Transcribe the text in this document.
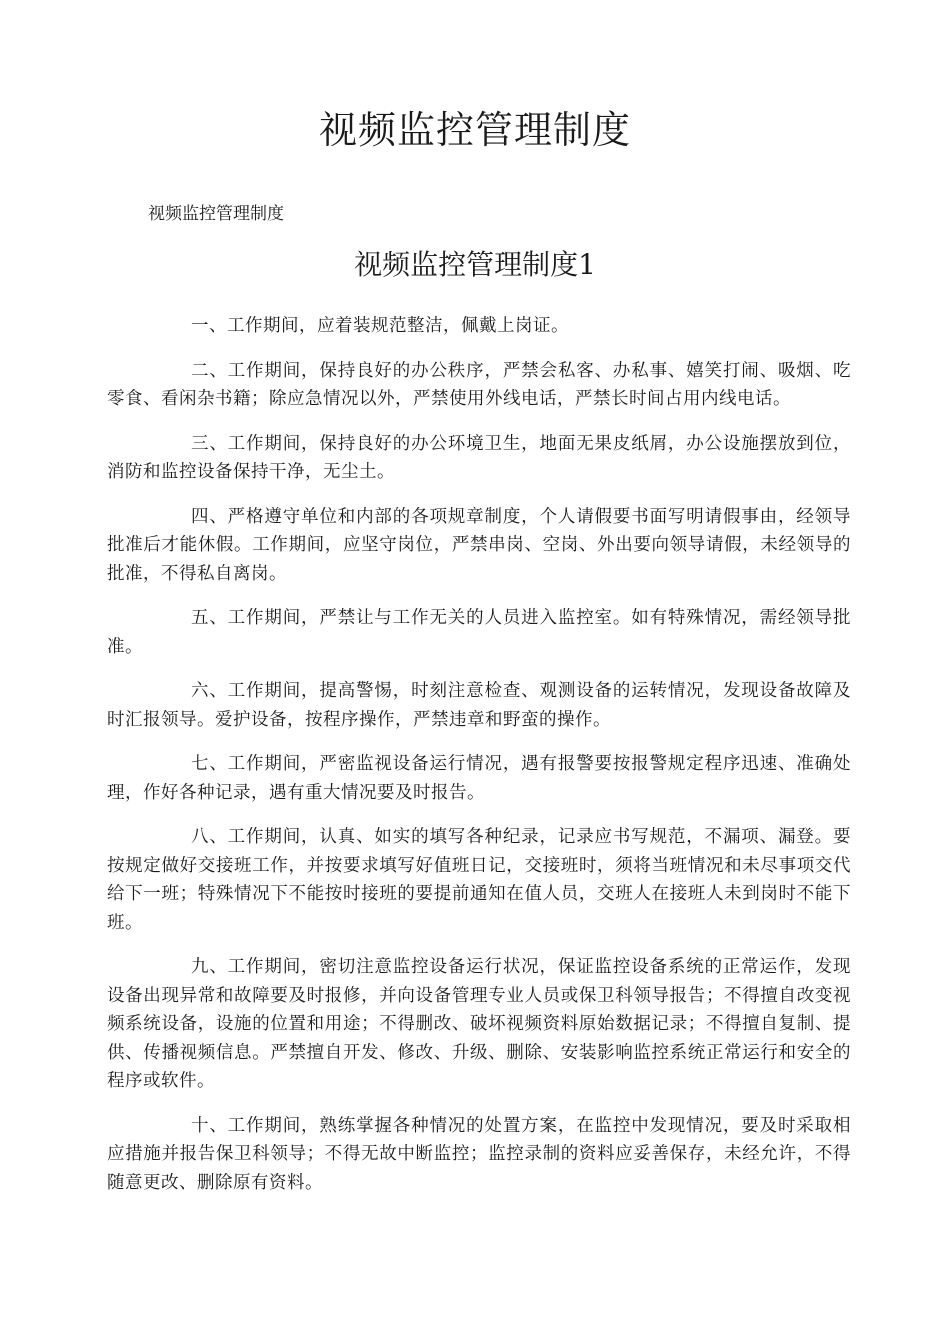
视频监控管理制度

视频监控管理制度

视频监控管理制度1

一、工作期间，应着装规范整洁，佩戴上岗证。

二、工作期间，保持良好的办公秩序，严禁会私客、办私事、嬉笑打闹、吸烟、吃零食、看闲杂书籍；除应急情况以外，严禁使用外线电话，严禁长时间占用内线电话。

三、工作期间，保持良好的办公环境卫生，地面无果皮纸屑，办公设施摆放到位，消防和监控设备保持干净，无尘土。

四、严格遵守单位和内部的各项规章制度，个人请假要书面写明请假事由，经领导批准后才能休假。工作期间，应坚守岗位，严禁串岗、空岗、外出要向领导请假，未经领导的批准，不得私自离岗。

五、工作期间，严禁让与工作无关的人员进入监控室。如有特殊情况，需经领导批准。

六、工作期间，提高警惕，时刻注意检查、观测设备的运转情况，发现设备故障及时汇报领导。爱护设备，按程序操作，严禁违章和野蛮的操作。

七、工作期间，严密监视设备运行情况，遇有报警要按报警规定程序迅速、准确处理，作好各种记录，遇有重大情况要及时报告。

八、工作期间，认真、如实的填写各种纪录，记录应书写规范，不漏项、漏登。要按规定做好交接班工作，并按要求填写好值班日记，交接班时，须将当班情况和未尽事项交代给下一班；特殊情况下不能按时接班的要提前通知在值人员，交班人在接班人未到岗时不能下班。

九、工作期间，密切注意监控设备运行状况，保证监控设备系统的正常运作，发现设备出现异常和故障要及时报修，并向设备管理专业人员或保卫科领导报告；不得擅自改变视频系统设备，设施的位置和用途；不得删改、破坏视频资料原始数据记录；不得擅自复制、提供、传播视频信息。严禁擅自开发、修改、升级、删除、安装影响监控系统正常运行和安全的程序或软件。

十、工作期间，熟练掌握各种情况的处置方案，在监控中发现情况，要及时采取相应措施并报告保卫科领导；不得无故中断监控；监控录制的资料应妥善保存，未经允许，不得随意更改、删除原有资料。
